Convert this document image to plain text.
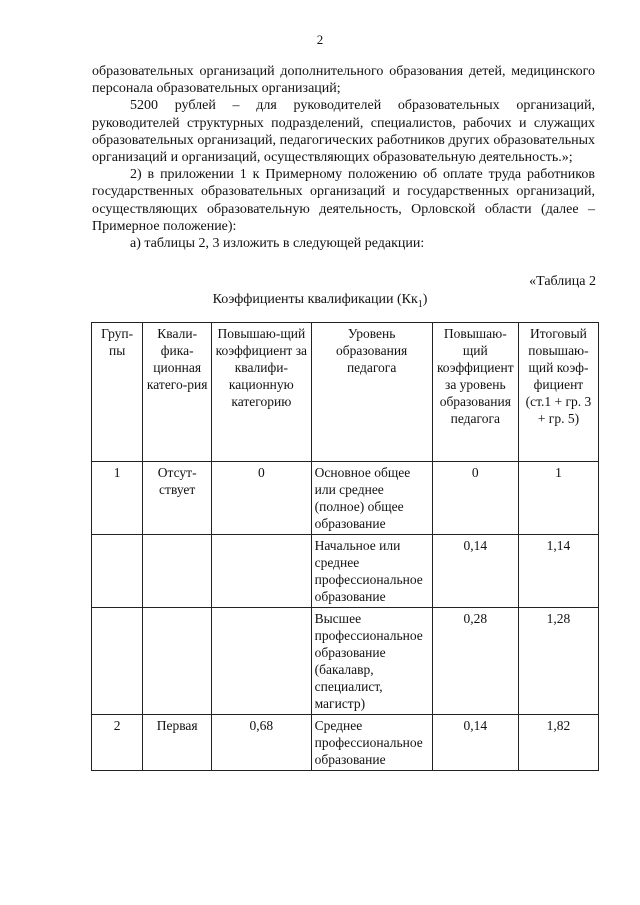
2

образовательных организаций дополнительного образования детей, медицинского персонала образовательных организаций;

5200 рублей – для руководителей образовательных организаций, руководителей структурных подразделений, специалистов, рабочих и служащих образовательных организаций, педагогических работников других образовательных организаций и организаций, осуществляющих образовательную деятельность.»;

2) в приложении 1 к Примерному положению об оплате труда работников государственных образовательных организаций и государственных организаций, осуществляющих образовательную деятельность, Орловской области (далее – Примерное положение):

а) таблицы 2, 3 изложить в следующей редакции:

«Таблица 2
Коэффициенты квалификации $(Кк_1)$
Груп-пы	Квали-фика-ционная катего-рия	Повышаю-щий коэффициент за квалифи-кационную категорию	Уровень образования педагога	Повышаю-щий коэффициент за уровень образования педагога	Итоговый повышаю-щий коэф-фициент (ст.1 + гр. 3 + гр. 5)
1	Отсут-ствует	0	Основное общее или среднее (полное) общее образование	0	1
			Начальное или среднее профессиональное образование	0,14	1,14
			Высшее профессиональное образование (бакалавр, специалист, магистр)	0,28	1,28
2	Первая	0,68	Среднее профессиональное образование	0,14	1,82
